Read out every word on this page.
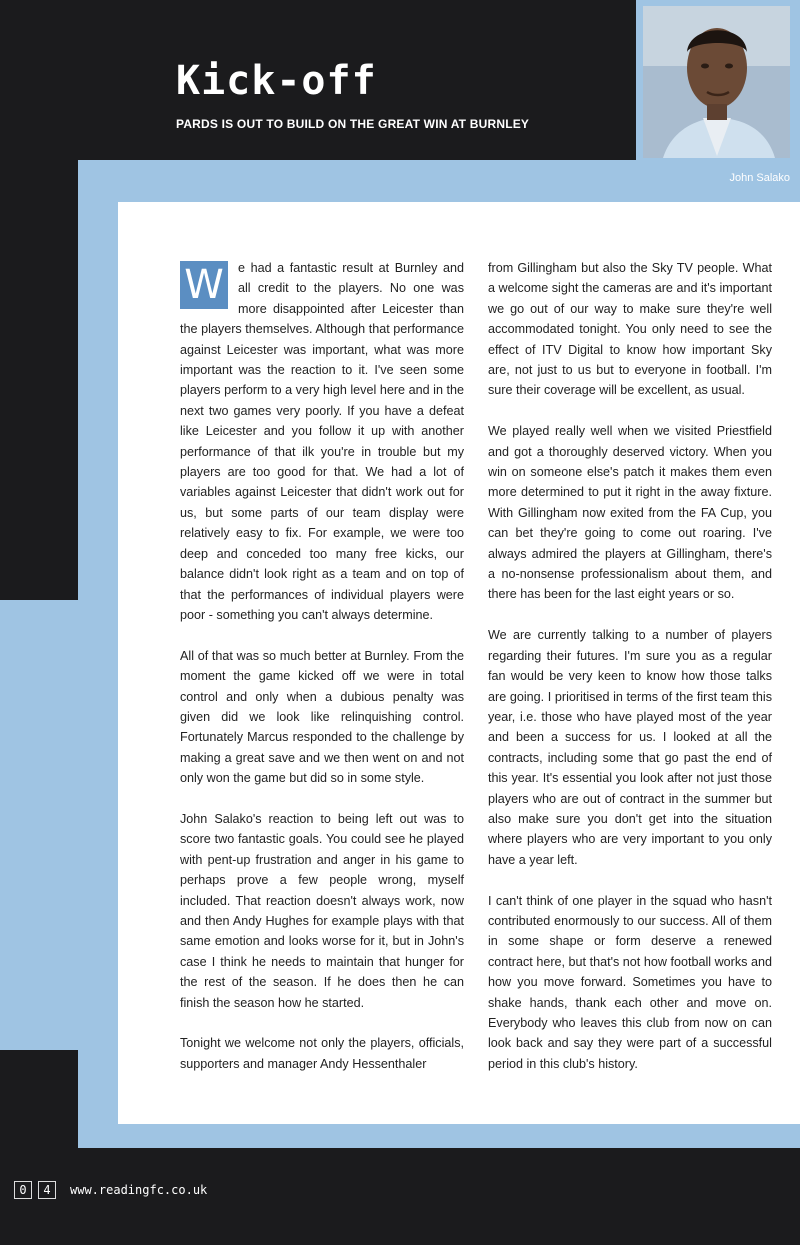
Kick-off
PARDS IS OUT TO BUILD ON THE GREAT WIN AT BURNLEY
John Salako

W	e had a fantastic result at Burnley and all credit to the players. No one was more disappointed after Leicester than the players themselves. Although that performance against Leicester was important, what was more important was the reaction to it. I've seen some players perform to a very high level here and in the next two games very poorly. If you have a defeat like Leicester and you follow it up with another performance of that ilk you're in trouble but my players are too good for that. We had a lot of variables against Leicester that didn't work out for us, but some parts of our team display were relatively easy to fix. For example, we were too deep and conceded too many free kicks, our balance didn't look right as a team and on top of that the performances of individual players were poor - something you can't always determine.

All of that was so much better at Burnley. From the moment the game kicked off we were in total control and only when a dubious penalty was given did we look like relinquishing control. Fortunately Marcus responded to the challenge by making a great save and we then went on and not only won the game but did so in some style.

John Salako's reaction to being left out was to score two fantastic goals. You could see he played with pent-up frustration and anger in his game to perhaps prove a few people wrong, myself included. That reaction doesn't always work, now and then Andy Hughes for example plays with that same emotion and looks worse for it, but in John's case I think he needs to maintain that hunger for the rest of the season. If he does then he can finish the season how he started.

Tonight we welcome not only the players, officials, supporters and manager Andy Hessenthaler

from Gillingham but also the Sky TV people. What a welcome sight the cameras are and it's important we go out of our way to make sure they're well accommodated tonight. You only need to see the effect of ITV Digital to know how important Sky are, not just to us but to everyone in football. I'm sure their coverage will be excellent, as usual.

We played really well when we visited Priestfield and got a thoroughly deserved victory. When you win on someone else's patch it makes them even more determined to put it right in the away fixture. With Gillingham now exited from the FA Cup, you can bet they're going to come out roaring. I've always admired the players at Gillingham, there's a no-nonsense professionalism about them, and there has been for the last eight years or so.

We are currently talking to a number of players regarding their futures. I'm sure you as a regular fan would be very keen to know how those talks are going. I prioritised in terms of the first team this year, i.e. those who have played most of the year and been a success for us. I looked at all the contracts, including some that go past the end of this year. It's essential you look after not just those players who are out of contract in the summer but also make sure you don't get into the situation where players who are very important to you only have a year left.

I can't think of one player in the squad who hasn't contributed enormously to our success. All of them in some shape or form deserve a renewed contract here, but that's not how football works and how you move forward. Sometimes you have to shake hands, thank each other and move on. Everybody who leaves this club from now on can look back and say they were part of a successful period in this club's history.

0	4	www.readingfc.co.uk
